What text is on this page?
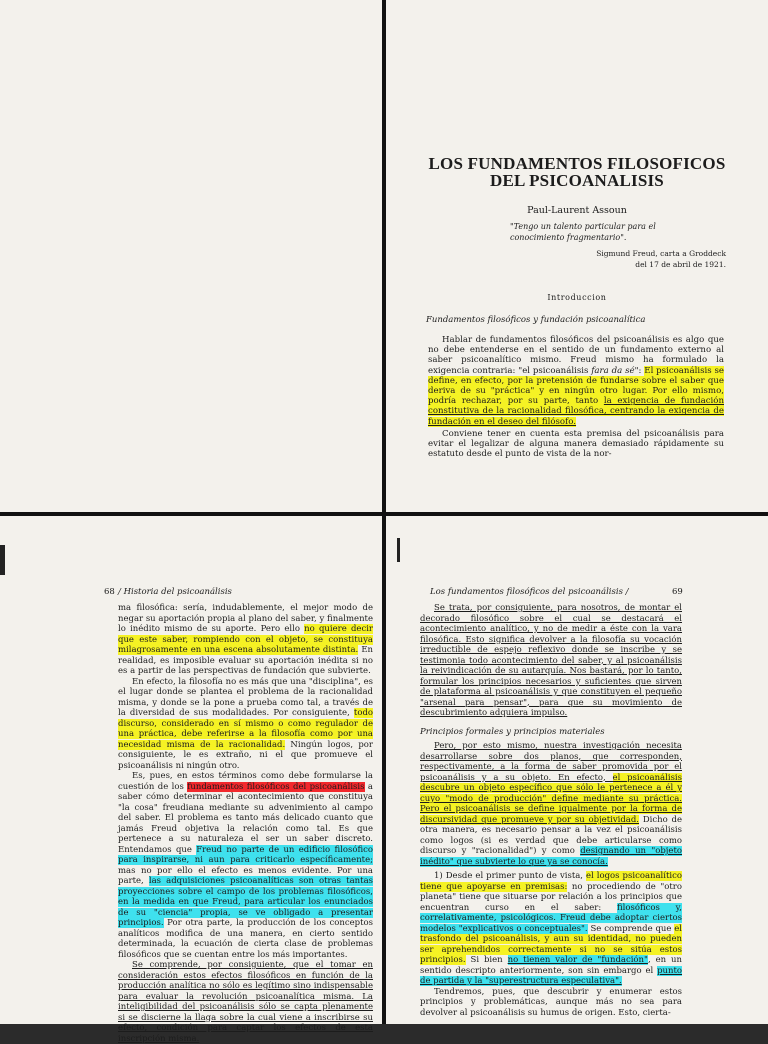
LOS FUNDAMENTOS FILOSOFICOS
DEL PSICOANALISIS
Paul-Laurent Assoun
"Tengo un talento particular para el conocimiento fragmentario".
Sigmund Freud, carta a Groddeck
del 17 de abril de 1921.
Introduccion
Fundamentos filosóficos y fundación psicoanalítica

Hablar de fundamentos filosóficos del psicoanálisis es algo que no debe entenderse en el sentido de un fundamento externo al saber psicoanalítico mismo. Freud mismo ha formulado la exigencia contraria: "el psicoanálisis fara da sé": El psicoanálisis se define, en efecto, por la pretensión de fundarse sobre el saber que deriva de su "práctica" y en ningún otro lugar. Por ello mismo, podría rechazar, por su parte, tanto la exigencia de fundación constitutiva de la racionalidad filosófica, centrando la exigencia de fundación en el deseo del filósofo.

Conviene tener en cuenta esta premisa del psicoanálisis para evitar el legalizar de alguna manera demasiado rápidamente su estatuto desde el punto de vista de la nor-

/ Historia del psicoanálisis
68	Los fundamentos filosóficos del psicoanálisis /	69

ma filosófica: sería, indudablemente, el mejor modo de negar su aportación propia al plano del saber, y finalmente lo inédito mismo de su aporte. Pero ello no quiere decir que este saber, rompiendo con el objeto, se constituya milagrosamente en una escena absolutamente distinta. En realidad, es imposible evaluar su aportación inédita si no es a partir de las perspectivas de fundación que subvierte.

En efecto, la filosofía no es más que una "disciplina", es el lugar donde se plantea el problema de la racionalidad misma, y donde se la pone a prueba como tal, a través de la diversidad de sus modalidades. Por consiguiente, todo discurso, considerado en sí mismo o como regulador de una práctica, debe referirse a la filosofía como por una necesidad misma de la racionalidad. Ningún logos, por consiguiente, le es extraño, ni el que promueve el psicoanálisis ni ningún otro.

Es, pues, en estos términos como debe formularse la cuestión de los fundamentos filosóficos del psicoanálisis a saber cómo determinar el acontecimiento que constituya "la cosa" freudiana mediante su advenimiento al campo del saber. El problema es tanto más delicado cuanto que jamás Freud objetiva la relación como tal. Es que pertenece a su naturaleza el ser un saber discreto. Entendamos que Freud no parte de un edificio filosófico para inspirarse, ni aun para criticarlo específicamente; mas no por ello el efecto es menos evidente. Por una parte, las adquisiciones psicoanalíticas son otras tantas proyecciones sobre el campo de los problemas filosóficos, en la medida en que Freud, para articular los enunciados de su "ciencia" propia, se ve obligado a presentar principios. Por otra parte, la producción de los conceptos analíticos modifica de una manera, en cierto sentido determinada, la ecuación de cierta clase de problemas filosóficos que se cuentan entre los más importantes.

Se comprende, por consiguiente, que el tomar en consideración estos efectos filosóficos en función de la producción analítica no sólo es legítimo sino indispensable para evaluar la revolución psicoanalítica misma. La inteligibilidad del psicoanálisis sólo se capta plenamente si se discierne la llaga sobre la cual viene a inscribirse su efecto, condición para captar los efectos de esta inscripción misma.

Se trata, por consiguiente, para nosotros, de montar el decorado filosófico sobre el cual se destacará el acontecimiento analítico, y no de medir a éste con la vara filosófica. Esto significa devolver a la filosofía su vocación irreductible de espejo reflexivo donde se inscribe y se testimonia todo acontecimiento del saber, y al psicoanálisis la reivindicación de su autarquía. Nos bastará, por lo tanto, formular los principios necesarios y suficientes que sirven de plataforma al psicoanálisis y que constituyen el pequeño "arsenal para pensar", para que su movimiento de descubrimiento adquiera impulso.

Principios formales y principios materiales

Pero, por esto mismo, nuestra investigación necesita desarrollarse sobre dos planos, que corresponden, respectivamente, a la forma de saber promovida por el psicoanálisis y a su objeto. En efecto, el psicoanálisis descubre un objeto específico que sólo le pertenece a él y cuyo "modo de producción" define mediante su práctica. Pero el psicoanálisis se define igualmente por la forma de discursividad que promueve y por su objetividad. Dicho de otra manera, es necesario pensar a la vez el psicoanálisis como logos (si es verdad que debe articularse como discurso y "racionalidad") y como designando un "objeto inédito" que subvierte lo que ya se conocía.

1) Desde el primer punto de vista, el logos psicoanalítico tiene que apoyarse en premisas: no procediendo de "otro planeta" tiene que situarse por relación a los principios que encuentran curso en el saber: filosóficos y, correlativamente, psicológicos. Freud debe adoptar ciertos modelos "explicativos o conceptuales". Se comprende que el trasfondo del psicoanálisis, y aun su identidad, no pueden ser aprehendidos correctamente si no se sitúa estos principios. Si bien no tienen valor de "fundación", en un sentido descripto anteriormente, son sin embargo el punto de partida y la "superestructura especulativa".

Tendremos, pues, que descubrir y enumerar estos principios y problemáticas, aunque más no sea para devolver al psicoanálisis su humus de origen. Esto, cierta-
